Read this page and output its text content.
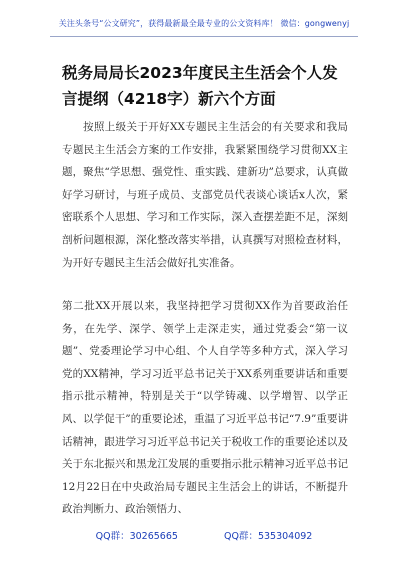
关注头条号“公文研究”，获得最新最全最专业的公文资料库！ 微信：gongwenyj
税务局局长2023年度民主生活会个人发言提纲（4218字）新六个方面

按照上级关于开好XX专题民主生活会的有关要求和我局专题民主生活会方案的工作安排，我紧紧围绕学习贯彻XX主题，聚焦“学思想、强党性、重实践、建新功”总要求，认真做好学习研讨，与班子成员、支部党员代表谈心谈话x人次，紧密联系个人思想、学习和工作实际，深入查摆差距不足，深刻剖析问题根源，深化整改落实举措，认真撰写对照检查材料，为开好专题民主生活会做好扎实准备。

第二批XX开展以来，我坚持把学习贯彻XX作为首要政治任务，在先学、深学、领学上走深走实，通过党委会“第一议题”、党委理论学习中心组、个人自学等多种方式，深入学习党的XX精神，学习习近平总书记关于XX系列重要讲话和重要指示批示精神，特别是关于“以学铸魂、以学增智、以学正风、以学促干”的重要论述，重温了习近平总书记“7.9”重要讲话精神，跟进学习习近平总书记关于税收工作的重要论述以及关于东北振兴和黑龙江发展的重要指示批示精神习近平总书记12月22日在中央政治局专题民主生活会上的讲话，不断提升政治判断力、政治领悟力、

QQ群：30265665	QQ群：535304092
